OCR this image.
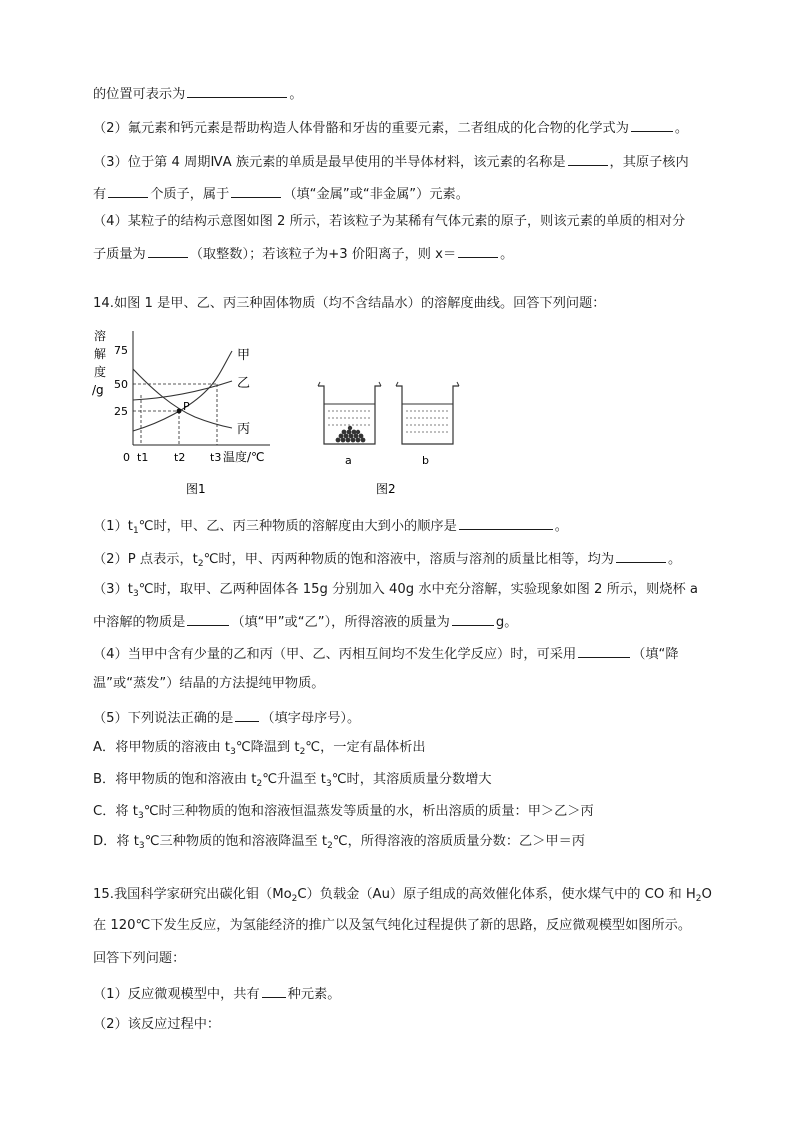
的位置可表示为	。
（2）氟元素和钙元素是帮助构造人体骨骼和牙齿的重要元素，二者组成的化合物的化学式为	。
（3）位于第 4 周期ⅣA 族元素的单质是最早使用的半导体材料，该元素的名称是	，其原子核内
有	个质子，属于	（填“金属”或“非金属”）元素。
（4）某粒子的结构示意图如图 2 所示，若该粒子为某稀有气体元素的原子，则该元素的单质的相对分
子质量为	（取整数）；若该粒子为+3 价阳离子，则 x＝	。
14.如图 1 是甲、乙、丙三种固体物质（均不含结晶水）的溶解度曲线。回答下列问题：
溶 解 度 /g
75
50
25	P
甲
乙
丙
0 t1 t2 t3 温度/℃
图1
a	b
图2
$(1)t_1℃$时，甲、乙、丙三种物质的溶解度由大到小的顺序是	。
（2）P 点表示，$t_2℃$时，甲、丙两种物质的饱和溶液中，溶质与溶剂的质量比相等，均为	。
$(3)t_3℃$时，取甲、乙两种固体各 15g 分别加入 40g 水中充分溶解，实验现象如图 2 所示，则烧杯 a
中溶解的物质是	（填“甲”或“乙”），所得溶液的质量为	g。
（4）当甲中含有少量的乙和丙（甲、乙、丙相互间均不发生化学反应）时，可采用	（填“降
温”或“蒸发”）结晶的方法提纯甲物质。
（5）下列说法正确的是 （填字母序号）。
A．将甲物质的溶液由 $t_3℃$降温到 $t_2℃$，一定有晶体析出
B．将甲物质的饱和溶液由 $t_2℃$升温至 $t_3℃$时，其溶质质量分数增大
C．将 $t_3℃$时三种物质的饱和溶液恒温蒸发等质量的水，析出溶质的质量：甲＞乙＞丙
D．将 $t_3℃$三种物质的饱和溶液降温至 $t_2℃$，所得溶液的溶质质量分数：乙＞甲＝丙
15.我国科学家研究出碳化钼$(Mo_2C)$负载金（Au）原子组成的高效催化体系，使水煤气中的 CO 和 $H_2O$
在 120℃下发生反应，为氢能经济的推广以及氢气纯化过程提供了新的思路，反应微观模型如图所示。
回答下列问题：
（1）反应微观模型中，共有 种元素。
（2）该反应过程中：
